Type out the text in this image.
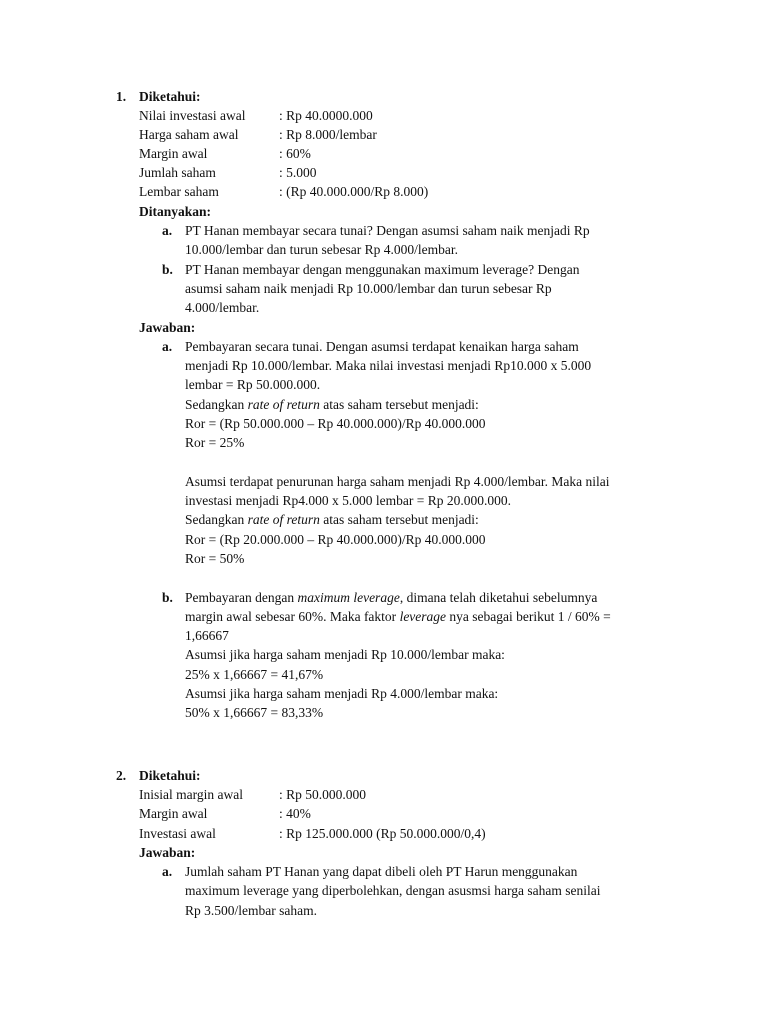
1. Diketahui:
Nilai investasi awal : Rp 40.0000.000
Harga saham awal	: Rp 8.000/lembar
Margin awal	: 60%
Jumlah saham	: 5.000
Lembar saham	: (Rp 40.000.000/Rp 8.000)
Ditanyakan:
a. PT Hanan membayar secara tunai? Dengan asumsi saham naik menjadi Rp
10.000/lembar dan turun sebesar Rp 4.000/lembar.
b. PT Hanan membayar dengan menggunakan maximum leverage? Dengan
asumsi saham naik menjadi Rp 10.000/lembar dan turun sebesar Rp
4.000/lembar.
Jawaban:
a. Pembayaran secara tunai. Dengan asumsi terdapat kenaikan harga saham
menjadi Rp 10.000/lembar. Maka nilai investasi menjadi Rp10.000 x 5.000
lembar = Rp 50.000.000.
Sedangkan rate of return atas saham tersebut menjadi:
Ror = (Rp 50.000.000 – Rp 40.000.000)/Rp 40.000.000
Ror = 25%
Asumsi terdapat penurunan harga saham menjadi Rp 4.000/lembar. Maka nilai
investasi menjadi Rp4.000 x 5.000 lembar = Rp 20.000.000.
Sedangkan rate of return atas saham tersebut menjadi:
Ror = (Rp 20.000.000 – Rp 40.000.000)/Rp 40.000.000
Ror = 50%
b. Pembayaran dengan maximum leverage, dimana telah diketahui sebelumnya
margin awal sebesar 60%. Maka faktor leverage nya sebagai berikut 1 / 60% =
1,66667
Asumsi jika harga saham menjadi Rp 10.000/lembar maka:
25% x 1,66667 = 41,67%
Asumsi jika harga saham menjadi Rp 4.000/lembar maka:
50% x 1,66667 = 83,33%
2. Diketahui:
Inisial margin awal	: Rp 50.000.000
Margin awal	: 40%
Investasi awal	: Rp 125.000.000 (Rp 50.000.000/0,4)
Jawaban:
a. Jumlah saham PT Hanan yang dapat dibeli oleh PT Harun menggunakan
maximum leverage yang diperbolehkan, dengan asusmsi harga saham senilai
Rp 3.500/lembar saham.
